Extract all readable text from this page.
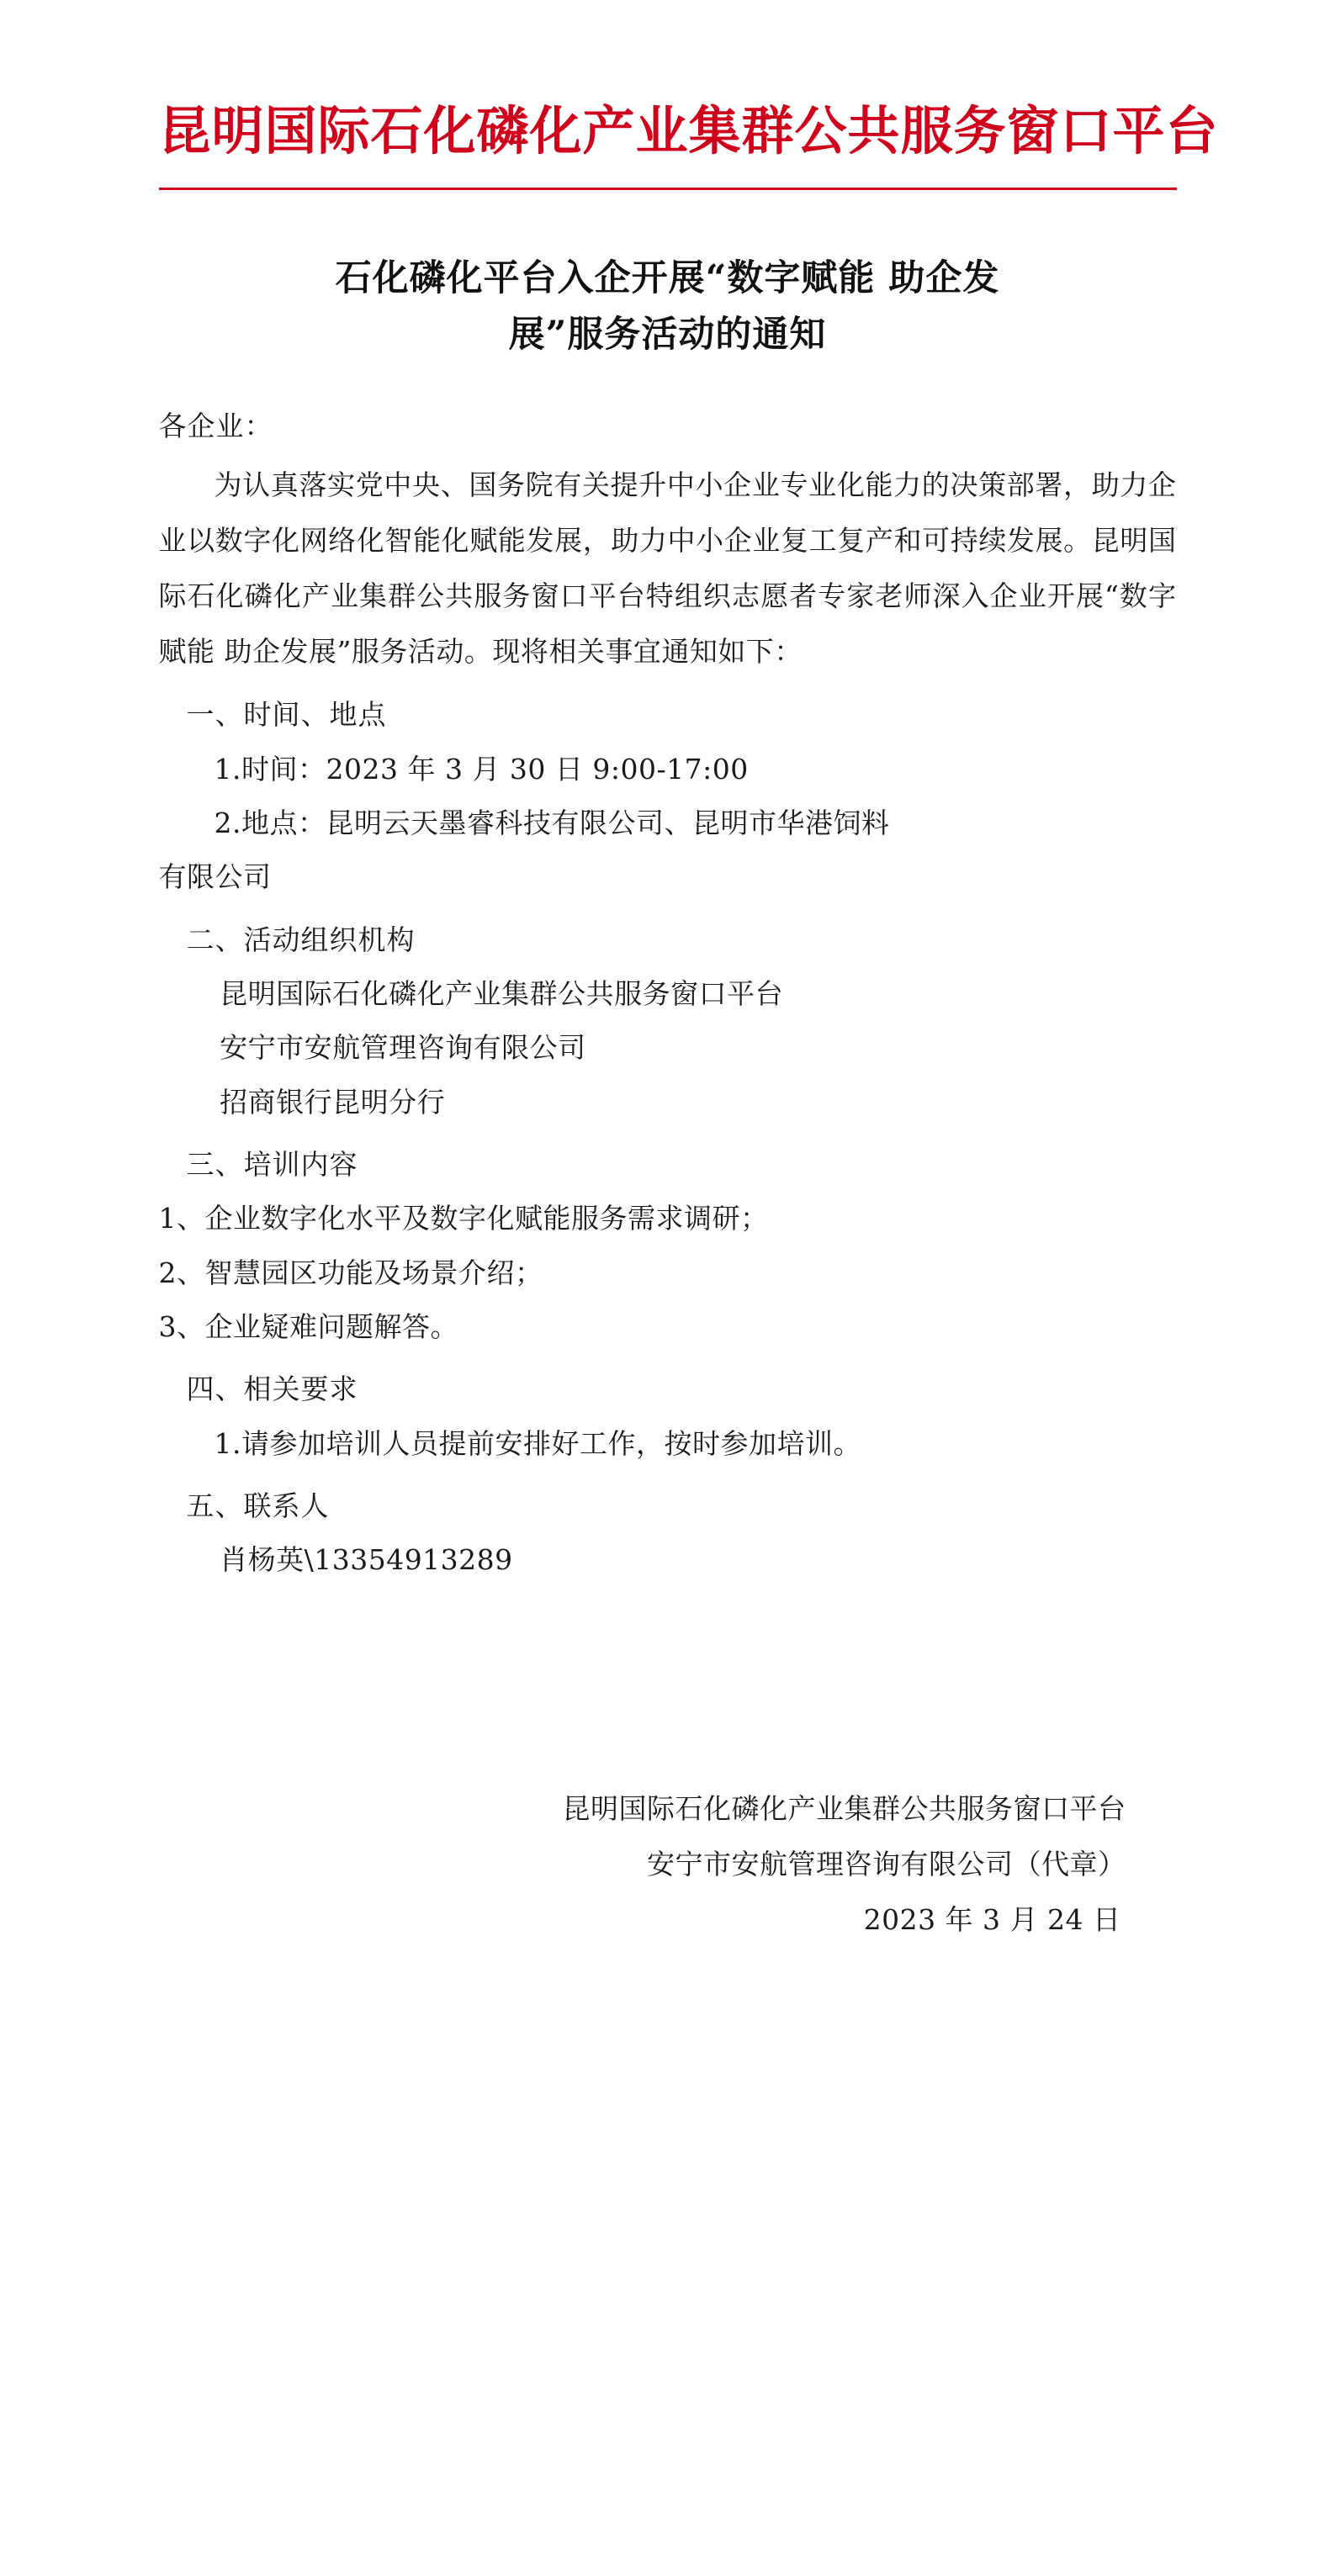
昆明国际石化磷化产业集群公共服务窗口平台
石化磷化平台入企开展“数字赋能 助企发
展”服务活动的通知
各企业：

为认真落实党中央、国务院有关提升中小企业专业化能力的决策部署，助力企业以数字化网络化智能化赋能发展，助力中小企业复工复产和可持续发展。昆明国际石化磷化产业集群公共服务窗口平台特组织志愿者专家老师深入企业开展“数字赋能 助企发展”服务活动。现将相关事宜通知如下：

一、时间、地点
1.时间：2023 年 3 月 30 日 9:00-17:00
2.地点：昆明云天墨睿科技有限公司、昆明市华港饲料
有限公司
二、活动组织机构
昆明国际石化磷化产业集群公共服务窗口平台
安宁市安航管理咨询有限公司
招商银行昆明分行
三、培训内容
1、企业数字化水平及数字化赋能服务需求调研；
2、智慧园区功能及场景介绍；
3、企业疑难问题解答。
四、相关要求
1.请参加培训人员提前安排好工作，按时参加培训。
五、联系人
肖杨英\13354913289
昆明国际石化磷化产业集群公共服务窗口平台
安宁市安航管理咨询有限公司（代章）
2023 年 3 月 24 日
